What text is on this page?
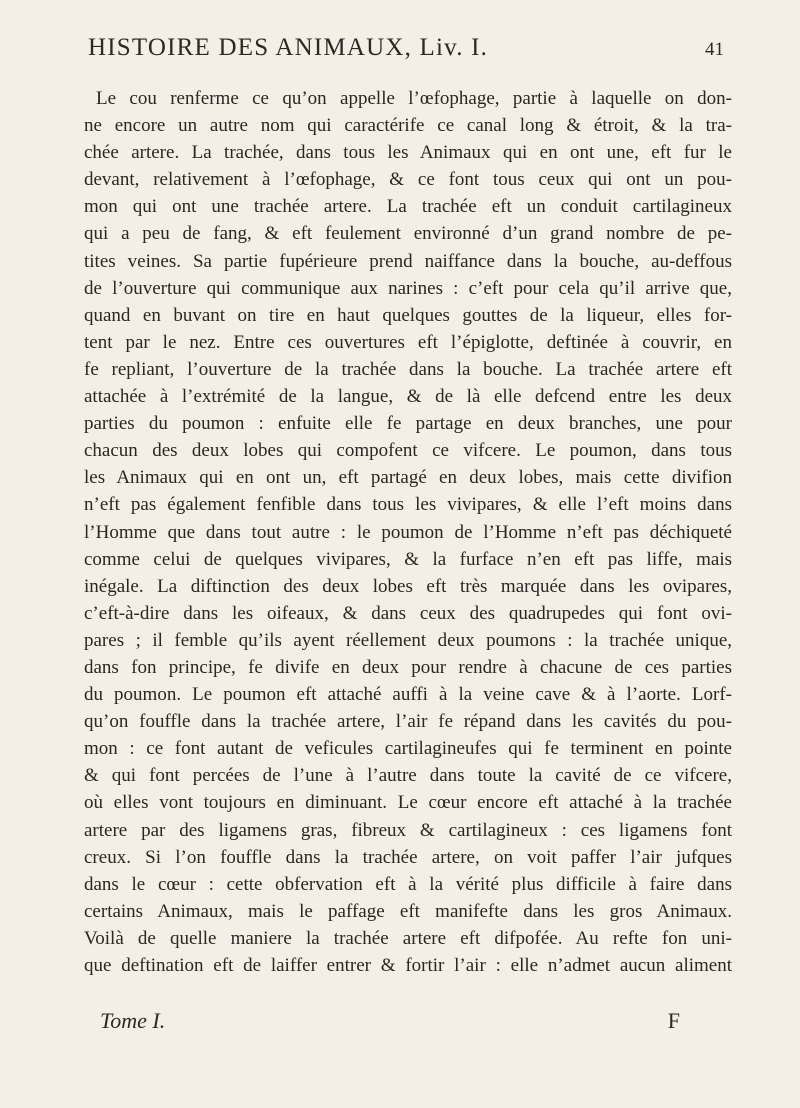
HISTOIRE DES ANIMAUX, Liv. I.	41
Le cou renferme ce qu’on appelle l’œfophage, partie à laquelle on don-
ne encore un autre nom qui caractérife ce canal long & étroit, & la tra-
chée artere. La trachée, dans tous les Animaux qui en ont une, eft fur le
devant, relativement à l’œfophage, & ce font tous ceux qui ont un pou-
mon qui ont une trachée artere. La trachée eft un conduit cartilagineux
qui a peu de fang, & eft feulement environné d’un grand nombre de pe-
tites veines. Sa partie fupérieure prend naiffance dans la bouche, au-deffous
de l’ouverture qui communique aux narines : c’eft pour cela qu’il arrive que,
quand en buvant on tire en haut quelques gouttes de la liqueur, elles for-
tent par le nez. Entre ces ouvertures eft l’épiglotte, deftinée à couvrir, en
fe repliant, l’ouverture de la trachée dans la bouche. La trachée artere eft
attachée à l’extrémité de la langue, & de là elle defcend entre les deux
parties du poumon : enfuite elle fe partage en deux branches, une pour
chacun des deux lobes qui compofent ce vifcere. Le poumon, dans tous
les Animaux qui en ont un, eft partagé en deux lobes, mais cette divifion
n’eft pas également fenfible dans tous les vivipares, & elle l’eft moins dans
l’Homme que dans tout autre : le poumon de l’Homme n’eft pas déchiqueté
comme celui de quelques vivipares, & la furface n’en eft pas liffe, mais
inégale. La diftinction des deux lobes eft très marquée dans les ovipares,
c’eft-à-dire dans les oifeaux, & dans ceux des quadrupedes qui font ovi-
pares ; il femble qu’ils ayent réellement deux poumons : la trachée unique,
dans fon principe, fe divife en deux pour rendre à chacune de ces parties
du poumon. Le poumon eft attaché auffi à la veine cave & à l’aorte. Lorf-
qu’on fouffle dans la trachée artere, l’air fe répand dans les cavités du pou-
mon : ce font autant de veficules cartilagineufes qui fe terminent en pointe
& qui font percées de l’une à l’autre dans toute la cavité de ce vifcere,
où elles vont toujours en diminuant. Le cœur encore eft attaché à la trachée
artere par des ligamens gras, fibreux & cartilagineux : ces ligamens font
creux. Si l’on fouffle dans la trachée artere, on voit paffer l’air jufques
dans le cœur : cette obfervation eft à la vérité plus difficile à faire dans
certains Animaux, mais le paffage eft manifefte dans les gros Animaux.
Voilà de quelle maniere la trachée artere eft difpofée. Au refte fon uni-
que deftination eft de laiffer entrer & fortir l’air : elle n’admet aucun aliment
Tome I.	F
